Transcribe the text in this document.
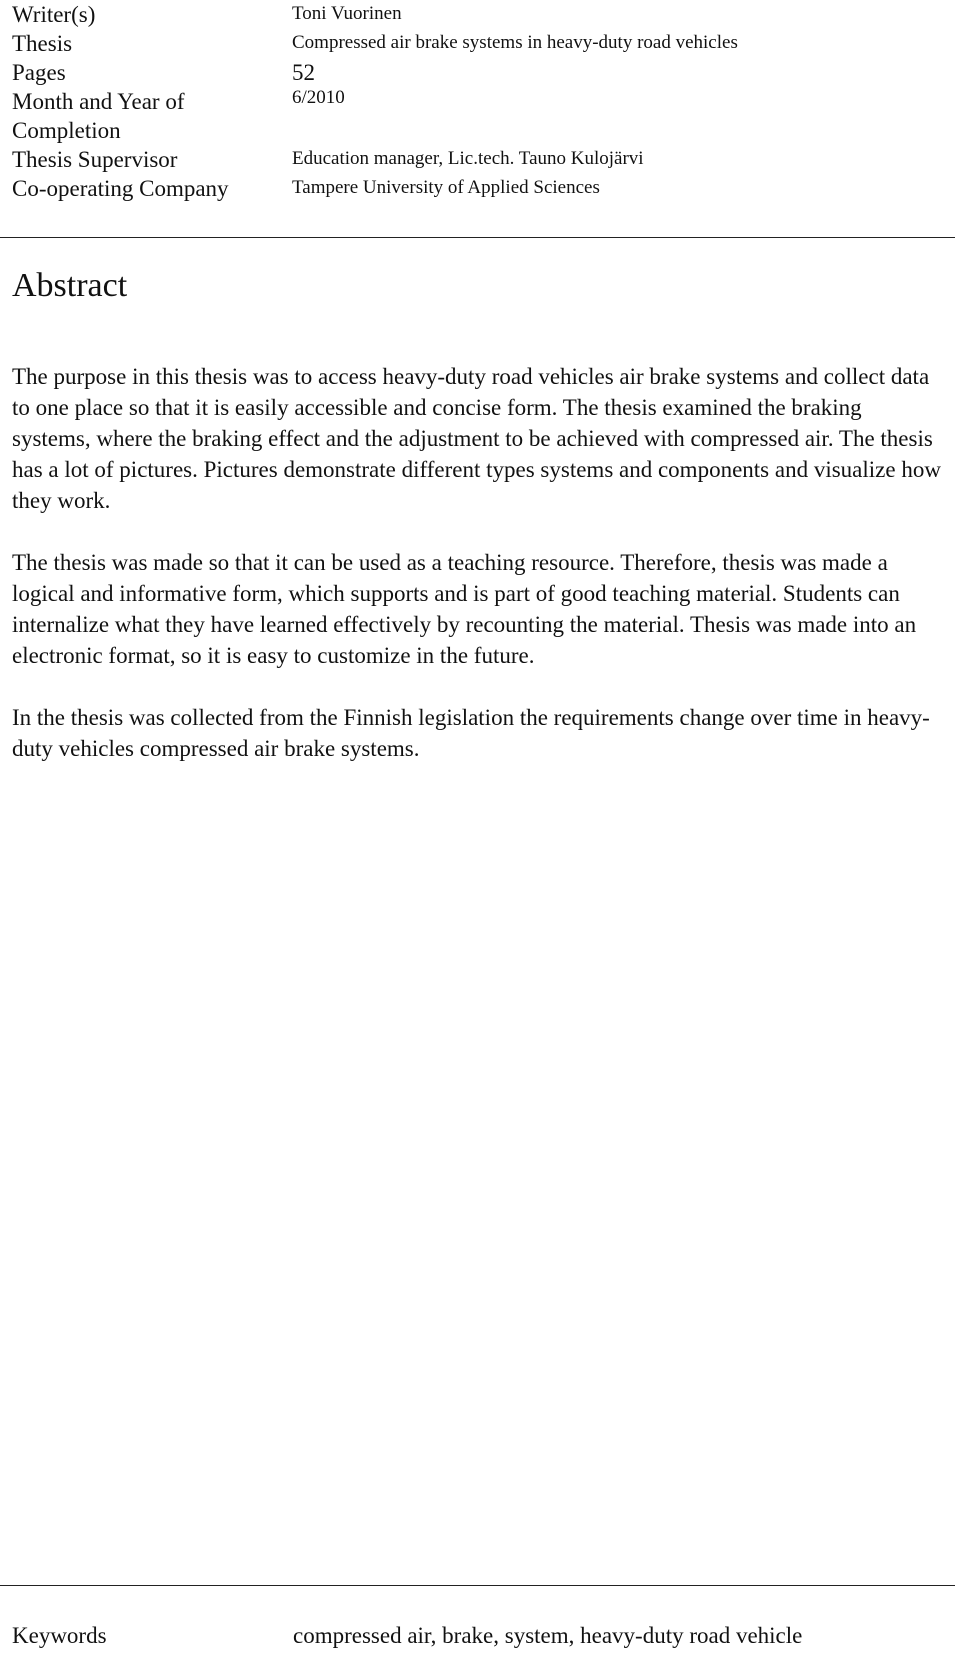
Writer(s)	Toni Vuorinen
Thesis	Compressed air brake systems in heavy-duty road vehicles
Pages	52
Month and Year of	6/2010
Completion
Thesis Supervisor	Education manager, Lic.tech. Tauno Kulojärvi
Co-operating Company	Tampere University of Applied Sciences
Abstract

The purpose in this thesis was to access heavy-duty road vehicles air brake systems and collect data to one place so that it is easily accessible and concise form. The thesis examined the braking systems, where the braking effect and the adjustment to be achieved with compressed air. The thesis has a lot of pictures. Pictures demonstrate different types systems and components and visualize how they work.

The thesis was made so that it can be used as a teaching resource. Therefore, thesis was made a logical and informative form, which supports and is part of good teaching material. Students can internalize what they have learned effectively by recounting the material. Thesis was made into an electronic format, so it is easy to customize in the future.

In the thesis was collected from the Finnish legislation the requirements change over time in heavy-duty vehicles compressed air brake systems.

Keywords	compressed air, brake, system, heavy-duty road vehicle
